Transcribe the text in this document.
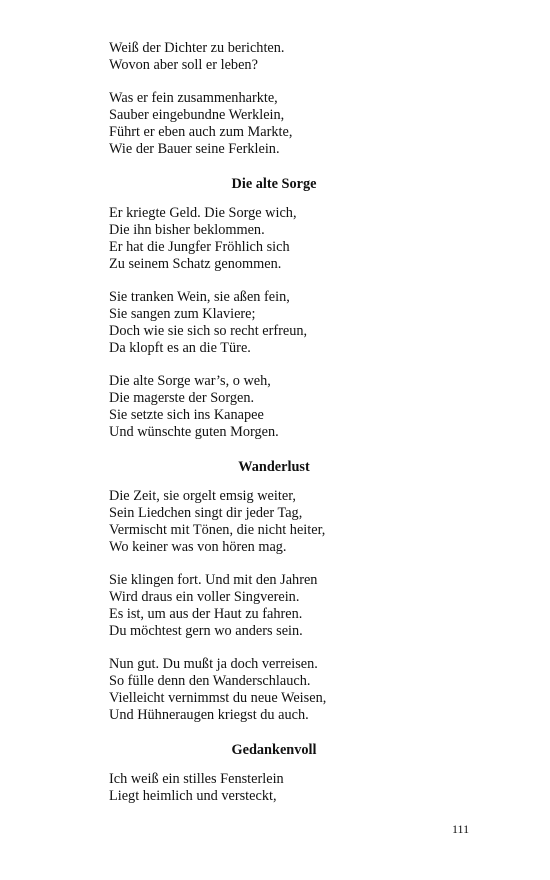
Weiß der Dichter zu berichten.
Wovon aber soll er leben?
Was er fein zusammenharkte,
Sauber eingebundne Werklein,
Führt er eben auch zum Markte,
Wie der Bauer seine Ferklein.
Die alte Sorge
Er kriegte Geld. Die Sorge wich,
Die ihn bisher beklommen.
Er hat die Jungfer Fröhlich sich
Zu seinem Schatz genommen.
Sie tranken Wein, sie aßen fein,
Sie sangen zum Klaviere;
Doch wie sie sich so recht erfreun,
Da klopft es an die Türe.
Die alte Sorge war’s, o weh,
Die magerste der Sorgen.
Sie setzte sich ins Kanapee
Und wünschte guten Morgen.
Wanderlust
Die Zeit, sie orgelt emsig weiter,
Sein Liedchen singt dir jeder Tag,
Vermischt mit Tönen, die nicht heiter,
Wo keiner was von hören mag.
Sie klingen fort. Und mit den Jahren
Wird draus ein voller Singverein.
Es ist, um aus der Haut zu fahren.
Du möchtest gern wo anders sein.
Nun gut. Du mußt ja doch verreisen.
So fülle denn den Wanderschlauch.
Vielleicht vernimmst du neue Weisen,
Und Hühneraugen kriegst du auch.
Gedankenvoll
Ich weiß ein stilles Fensterlein
Liegt heimlich und versteckt,
111
